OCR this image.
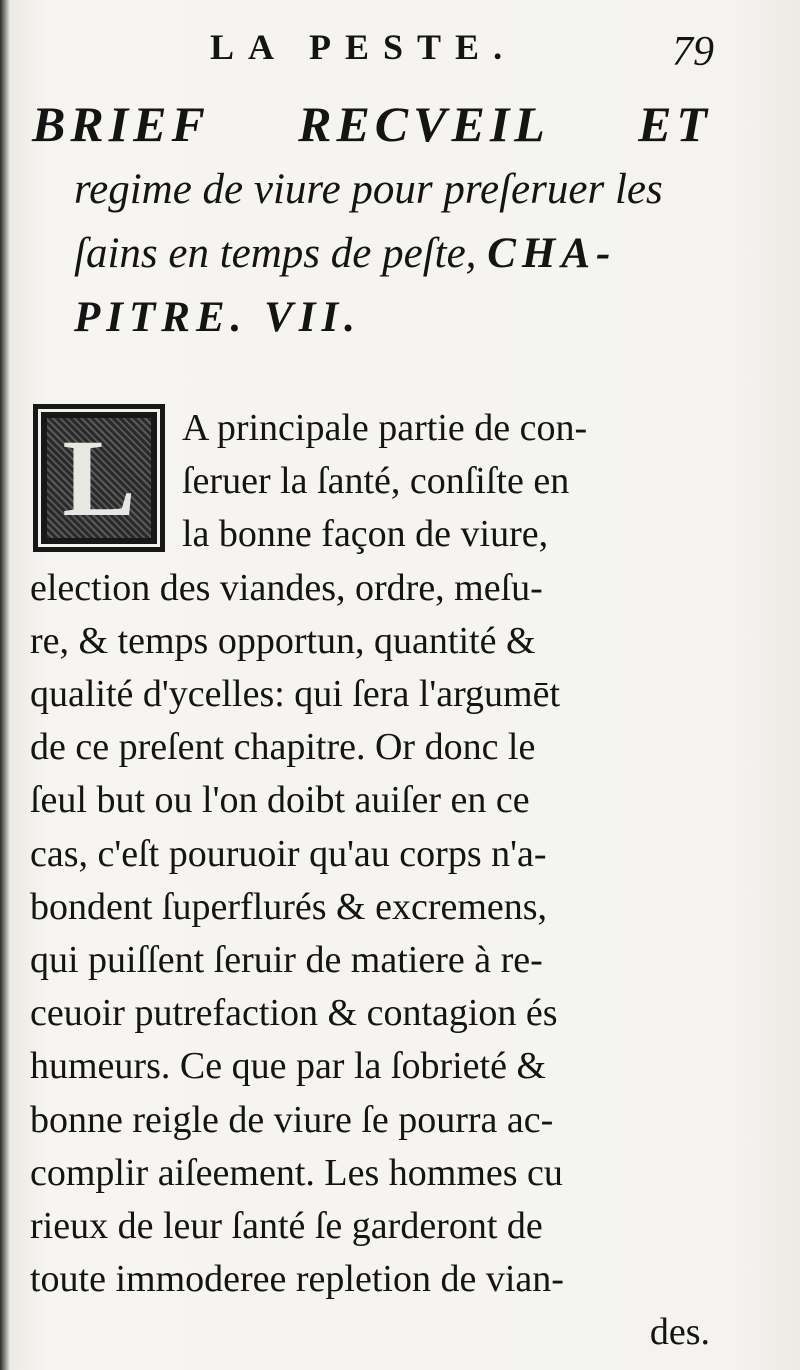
LA PESTE.	79
BRIEF RECVEIL ET
regime de viure pour preſeruer les
ſains en temps de peſte, CHA-
PITRE. VII.
L	A principale partie de con-
ſeruer la ſanté, conſiſte en
la bonne façon de viure,
election des viandes, ordre, meſu-
re, & temps opportun, quantité &
qualité d'ycelles: qui ſera l'argumēt
de ce preſent chapitre. Or donc le
ſeul but ou l'on doibt auiſer en ce
cas, c'eſt pouruoir qu'au corps n'a-
bondent ſuperflurés & excremens,
qui puiſſent ſeruir de matiere à re-
ceuoir putrefaction & contagion és
humeurs. Ce que par la ſobrieté &
bonne reigle de viure ſe pourra ac-
complir aiſeement. Les hommes cu
rieux de leur ſanté ſe garderont de
toute immoderee repletion de vian-
des.
